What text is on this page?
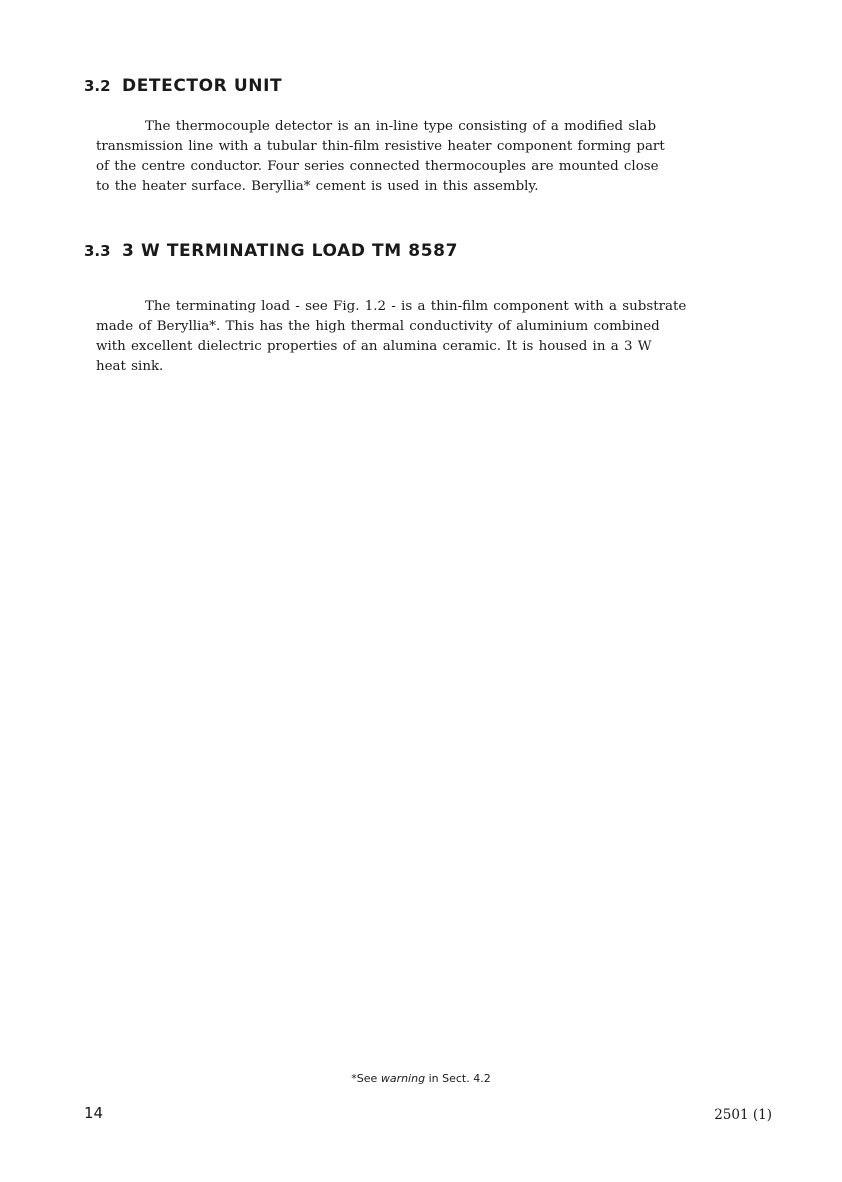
3.2 DETECTOR UNIT

The thermocouple detector is an in-line type consisting of a modified slab

transmission line with a tubular thin-film resistive heater component forming part

of the centre conductor. Four series connected thermocouples are mounted close

to the heater surface. Beryllia* cement is used in this assembly.

3.3 3 W TERMINATING LOAD TM 8587

The terminating load - see Fig. 1.2 - is a thin-film component with a substrate

made of Beryllia*. This has the high thermal conductivity of aluminium combined

with excellent dielectric properties of an alumina ceramic. It is housed in a 3 W

heat sink.

*See warning in Sect. 4.2

14	2501 (1)
